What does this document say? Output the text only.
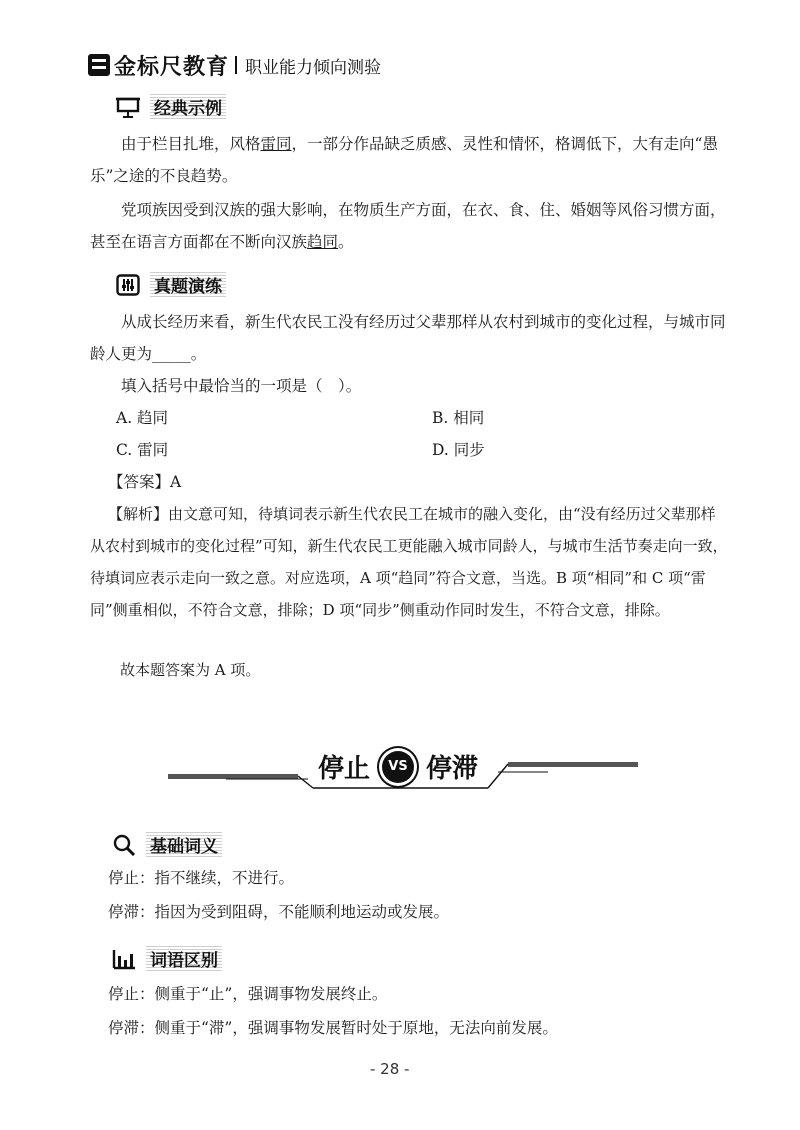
金标尺教育 职业能力倾向测验
经典示例
由于栏目扎堆，风格雷同，一部分作品缺乏质感、灵性和情怀，格调低下，大有走向“愚乐”之途的不良趋势。
党项族因受到汉族的强大影响，在物质生产方面，在衣、食、住、婚姻等风俗习惯方面，甚至在语言方面都在不断向汉族趋同。
真题演练
从成长经历来看，新生代农民工没有经历过父辈那样从农村到城市的变化过程，与城市同龄人更为_____。
填入括号中最恰当的一项是（　）。
A. 趋同	B. 相同
C. 雷同	D. 同步
【答案】A
【解析】由文意可知，待填词表示新生代农民工在城市的融入变化，由“没有经历过父辈那样从农村到城市的变化过程”可知，新生代农民工更能融入城市同龄人，与城市生活节奏走向一致，待填词应表示走向一致之意。对应选项，A 项“趋同”符合文意，当选。B 项“相同”和 C 项“雷同”侧重相似，不符合文意，排除；D 项“同步”侧重动作同时发生，不符合文意，排除。
故本题答案为 A 项。
停止	VS 停滞
基础词义
停止：指不继续，不进行。
停滞：指因为受到阻碍，不能顺利地运动或发展。
词语区别
停止：侧重于“止”，强调事物发展终止。
停滞：侧重于“滞”，强调事物发展暂时处于原地，无法向前发展。
- 28 -
